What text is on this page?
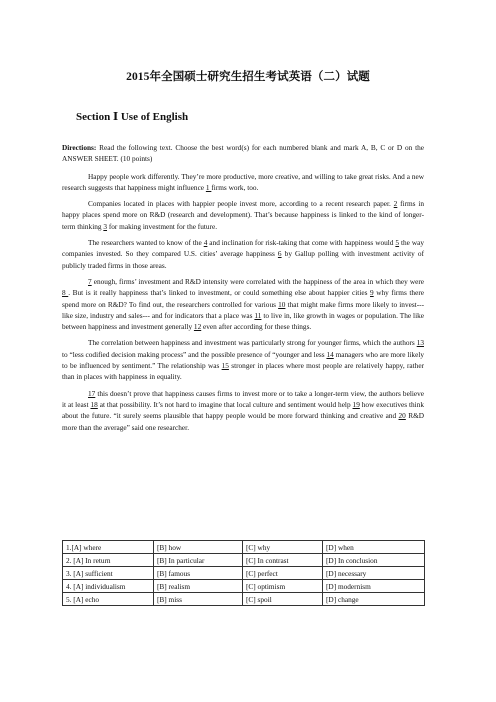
2015年全国硕士研究生招生考试英语（二）试题
Section Ⅰ Use of English

Directions: Read the following text. Choose the best word(s) for each numbered blank and mark A, B, C or D on the ANSWER SHEET. (10 points)

Happy people work differently. They’re more productive, more creative, and willing to take great risks. And a new research suggests that happiness might influence 1 firms work, too.

Companies located in places with happier people invest more, according to a recent research paper. 2 firms in happy places spend more on R&D (research and development). That’s because happiness is linked to the kind of longer-term thinking 3 for making investment for the future.

The researchers wanted to know of the 4 and inclination for risk-taking that come with happiness would 5 the way companies invested. So they compared U.S. cities’ average happiness 6 by Gallup polling with investment activity of publicly traded firms in those areas.

7 enough, firms’ investment and R&D intensity were correlated with the happiness of the area in which they were 8 . But is it really happiness that’s linked to investment, or could something else about happier cities 9 why firms there spend more on R&D? To find out, the researchers controlled for various 10 that might make firms more likely to invest--- like size, industry and sales--- and for indicators that a place was 11 to live in, like growth in wages or population. The like between happiness and investment generally 12 even after according for these things.

The correlation between happiness and investment was particularly strong for younger firms, which the authors 13 to “less codified decision making process” and the possible presence of “younger and less 14 managers who are more likely to be influenced by sentiment.” The relationship was 15 stronger in places where most people are relatively happy, rather than in places with happiness in equality.

17 this doesn’t prove that happiness causes firms to invest more or to take a longer-term view, the authors believe it at least 18 at that possibility. It’s not hard to imagine that local culture and sentiment would help 19 how executives think about the future. “it surely seems plausible that happy people would be more forward thinking and creative and 20 R&D more than the average” said one researcher.

1.[A] where	[B] how	[C] why	[D] when
2. [A] In return	[B] In particular	[C] In contrast	[D] In conclusion
3. [A] sufficient	[B] famous	[C] perfect	[D] necessary
4. [A] individualism	[B] realism	[C] optimism	[D] modernism
5. [A] echo	[B] miss	[C] spoil	[D] change
